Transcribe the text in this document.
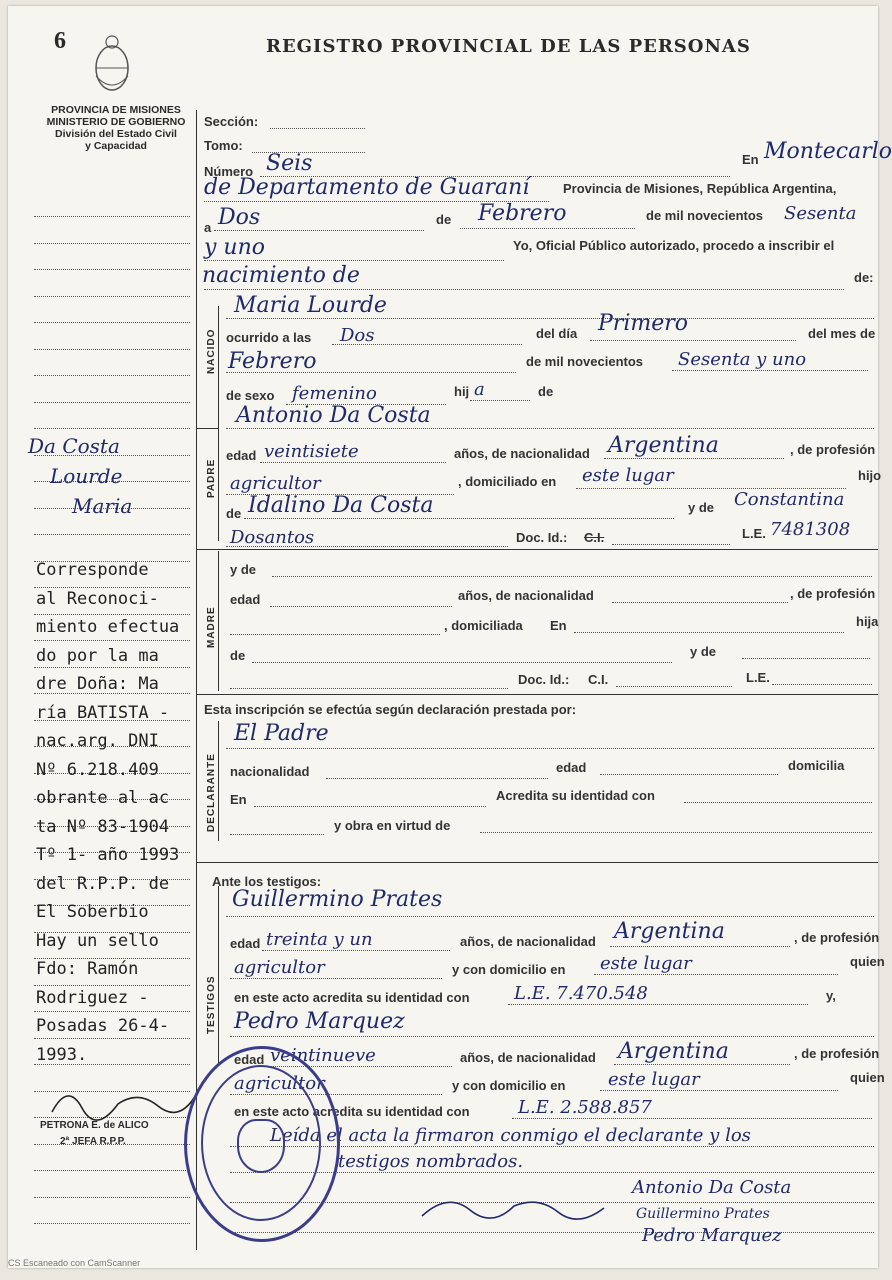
6	REGISTRO PROVINCIAL DE LAS PERSONAS
PROVINCIA DE MISIONES
MINISTERIO DE GOBIERNO
División del Estado Civil
y Capacidad
NACIDO
PADRE
MADRE
DECLARANTE
TESTIGOS
Sección:
Tomo:
Número Seis	En Montecarlo
de Departamento de Guaraní	Provincia de Misiones, República Argentina,
a Dos	de Febrero	de mil novecientos Sesenta
y uno	Yo, Oficial Público autorizado, procedo a inscribir el
nacimiento de	de:
Maria Lourde
ocurrido a las Dos	del día Primero	del mes de
Febrero	de mil novecientos Sesenta y uno
de sexo femenino	hij a	de
Antonio Da Costa
edad veintisiete	años, de nacionalidad Argentina	, de profesión
agricultor	, domiciliado en este lugar	hijo
de Idalino Da Costa	y de Constantina
Dosantos	Doc. Id.: C.I.	L.E. 7481308
y de
edad	años, de nacionalidad	, de profesión
, domiciliada En	hija
de	y de
Doc. Id.: C.I.	L.E.
Esta inscripción se efectúa según declaración prestada por:
El Padre
nacionalidad	edad	domicilia
En	Acredita su identidad con
y obra en virtud de
Ante los testigos:
Guillermino Prates
edad treinta y un	años, de nacionalidad Argentina	, de profesión
agricultor	y con domicilio en este lugar	quien
en este acto acredita su identidad con L.E. 7.470.548	y,
Pedro Marquez
edad veintinueve	años, de nacionalidad Argentina	, de profesión
agricultor	y con domicilio en este lugar	quien
en este acto acredita su identidad con	L.E. 2.588.857
Leída el acta la firmaron conmigo el declarante y los
testigos nombrados.
Antonio Da Costa
Guillermino Prates
Pedro Marquez
Da Costa
Lourde
Maria
Corresponde
al Reconoci-
miento efectua
do por la ma
dre Doña: Ma
ría BATISTA -
nac.arg. DNI
Nº 6.218.409
obrante al ac
ta Nº 83-1904
Tº 1- año 1993
del R.P.P. de
El Soberbio
Hay un sello
Fdo: Ramón
Rodriguez -
Posadas 26-4-
1993.
PETRONA E. de ALICO
2ª JEFA R.P.P.
CS Escaneado con CamScanner
